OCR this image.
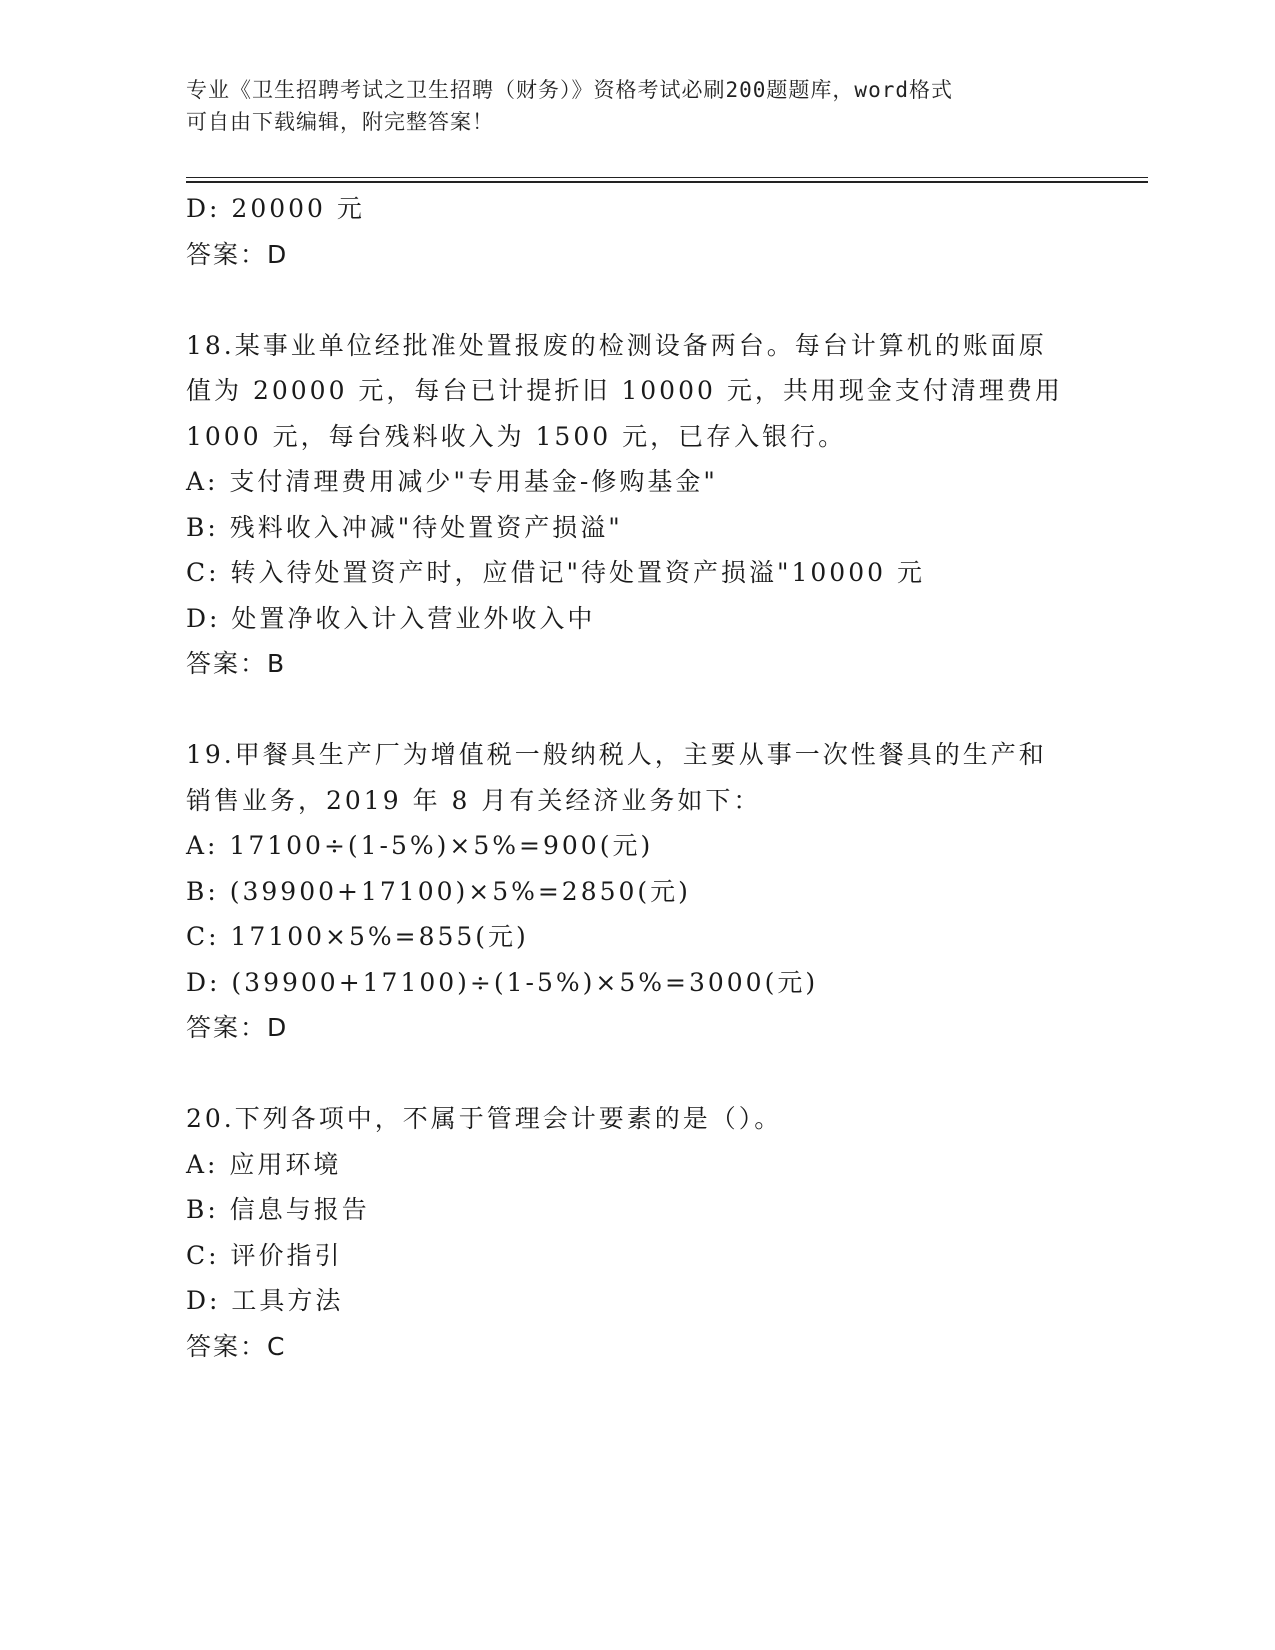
专业《卫生招聘考试之卫生招聘（财务）》资格考试必刷200题题库，word格式
可自由下载编辑，附完整答案！
D: 20000 元
答案：D
18.某事业单位经批准处置报废的检测设备两台。每台计算机的账面原
值为 20000 元，每台已计提折旧 10000 元，共用现金支付清理费用
1000 元，每台残料收入为 1500 元，已存入银行。
A: 支付清理费用减少"专用基金-修购基金"
B: 残料收入冲减"待处置资产损溢"
C: 转入待处置资产时，应借记"待处置资产损溢"10000 元
D: 处置净收入计入营业外收入中
答案：B
19.甲餐具生产厂为增值税一般纳税人，主要从事一次性餐具的生产和
销售业务，2019 年 8 月有关经济业务如下：
A: 17100÷(1-5%)×5%=900(元)
B: (39900+17100)×5%=2850(元)
C: 17100×5%=855(元)
D: (39900+17100)÷(1-5%)×5%=3000(元)
答案：D
20.下列各项中，不属于管理会计要素的是（）。
A: 应用环境
B: 信息与报告
C: 评价指引
D: 工具方法
答案：C
